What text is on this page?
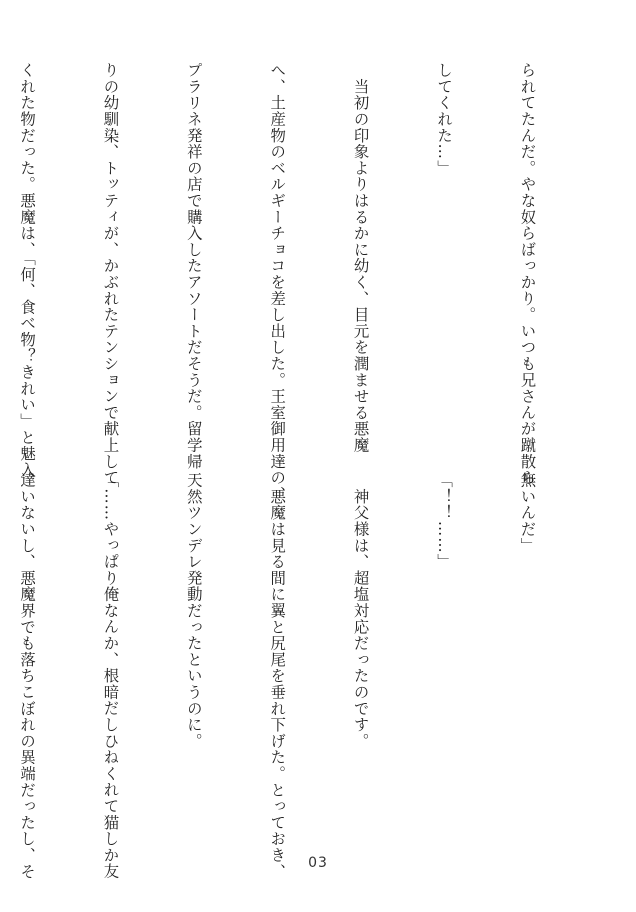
られてたんだ。やな奴らばっかり。いつも兄さんが蹴散ら

してくれた…」

　当初の印象よりはるかに幼く、目元を潤ませる悪魔

へ、土産物のベルギーチョコを差し出した。王室御用達の、

プラリネ発祥の店で購入したアソートだそうだ。留学帰

りの幼馴染、トッティが、かぶれたテンションで献上して

くれた物だった。悪魔は、「何、食べ物？きれい」と魅入

無いんだ」

「！！……」

　神父様は、超塩対応だったのです。

　悪魔は見る間に翼と尻尾を垂れ下げた。とっておき、

天然ツンデレ発動だったというのに。

「……やっぱり俺なんか、根暗だしひねくれて猫しか友

達いないし、悪魔界でも落ちこぼれの異端だったし、そ

	03
